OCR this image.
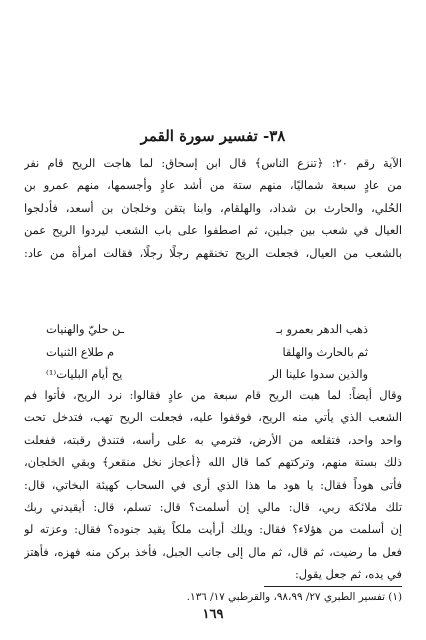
٣٨- تفسير سورة القمر
الآية رقم ٢٠: ﴿تنزع الناس﴾ قال ابن إسحاق: لما هاجت الريح قام نفر
من عادٍ سبعة شماليًا، منهم ستة من أشد عادٍ وأجسمها، منهم عمرو بن
الحُلي، والحارث بن شداد، والهلقام، وابنا يتقن وخلجان بن أسعد، فأدلجوا
العيال في شعب بين جبلين، ثم اصطفوا على باب الشعب ليردوا الريح عمن
بالشعب من العيال، فجعلت الريح تخنقهم رجلًا رجلًا، فقالت امرأة من عاد:
ذهب الدهر بعمرو بـ
ـن حليّ والهنيات
ثم بالحارث والهلقا
م طلاع الثنيات
والذين سدوا علينا الر
يح أيام البليات⁽¹⁾
وقال أيضاً: لما هبت الريح قام سبعة من عادٍ فقالوا: نرد الريح، فأتوا فم
الشعب الذي يأتي منه الريح، فوقفوا عليه، فجعلت الريح تهب، فتدخل تحت
واحد واحد، فتقلعه من الأرض، فترمي به على رأسه، فتندق رقبته، ففعلت
ذلك بستة منهم، وتركتهم كما قال الله ﴿أعجاز نخل منقعر﴾ وبقي الخلجان،
فأتى هوداً فقال: يا هود ما هذا الذي أرى في السحاب كهيئة البخاتي، قال:
تلك ملائكة ربي، قال: مالي إن أسلمت؟ قال: تسلم، قال: أيقيدني ربك
إن أسلمت من هؤلاء؟ فقال: ويلك أرأيت ملكاً يقيد جنوده؟ فقال: وعزته لو
فعل ما رضيت، ثم قال، ثم مال إلى جانب الجبل، فأخذ بركن منه فهزه، فأهتز
في يده، ثم جعل يقول:
(١) تفسير الطبري ٢٧/ ٩٨،٩٩، والقرطبي ١٧/ ١٣٦.
١٦٩
